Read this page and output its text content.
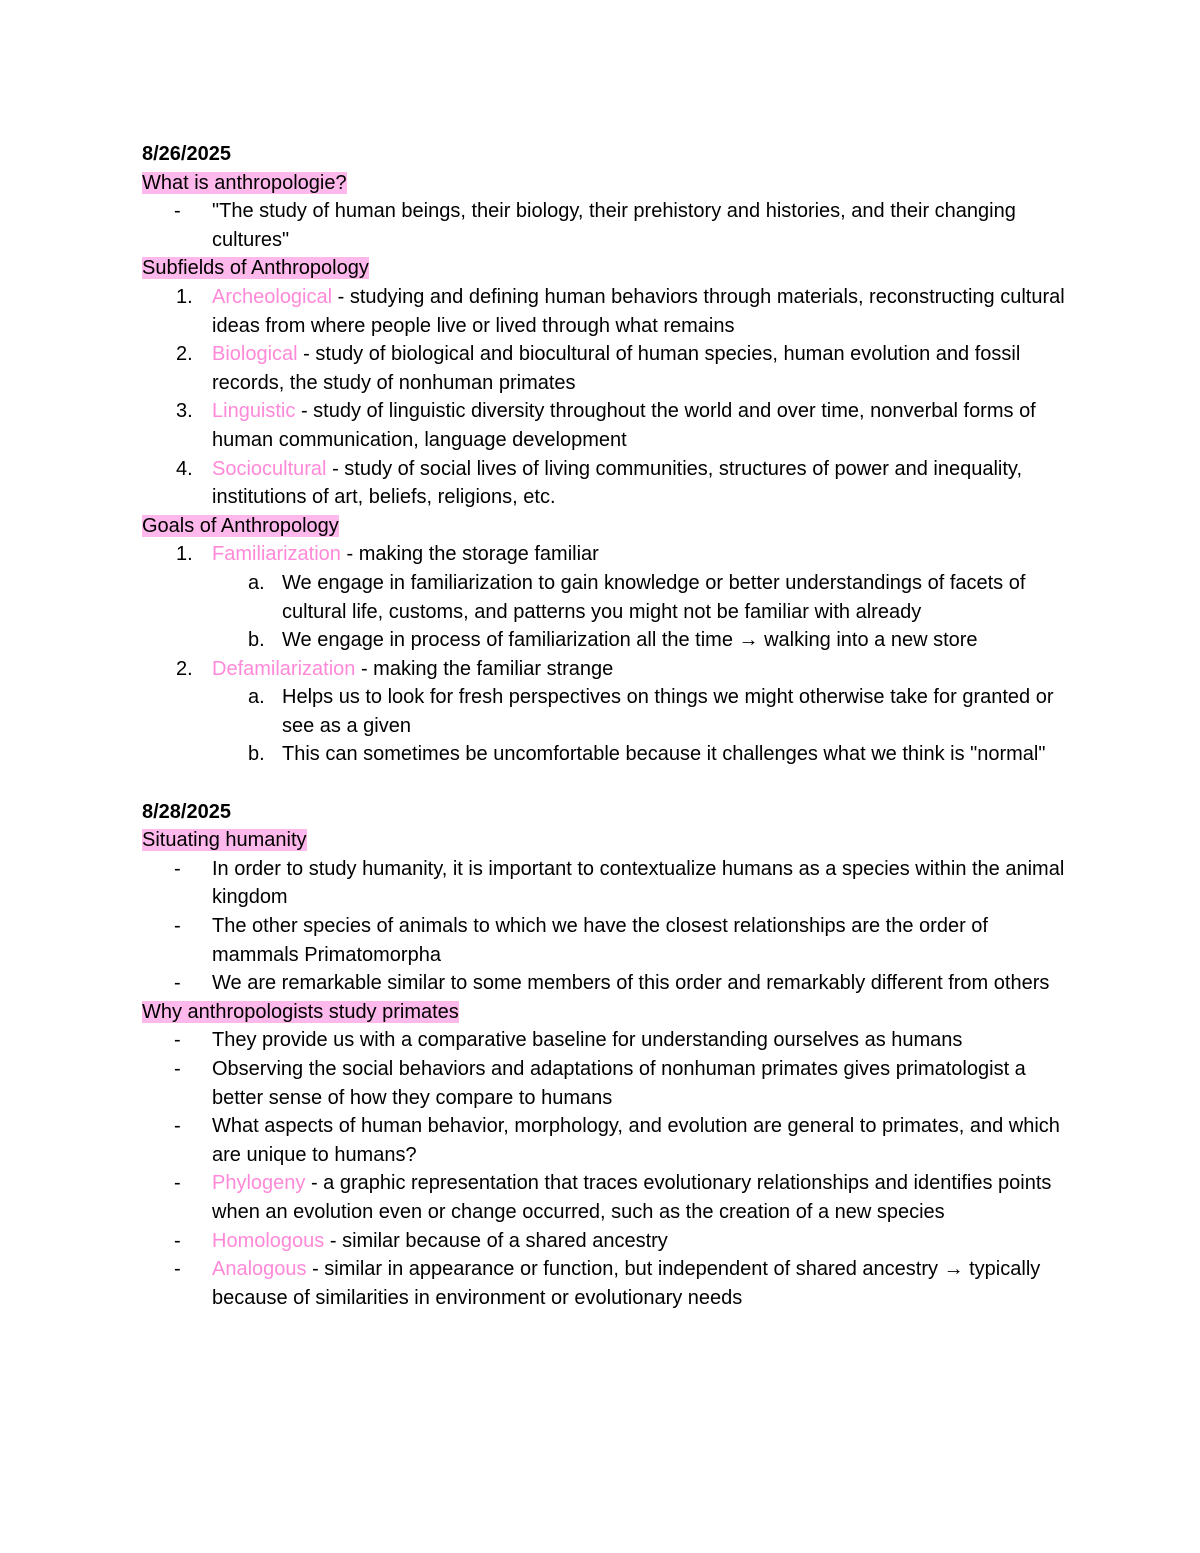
8/26/2025
What is anthropologie?
- "The study of human beings, their biology, their prehistory and histories, and their changing cultures"
Subfields of Anthropology
1. Archeological - studying and defining human behaviors through materials, reconstructing cultural ideas from where people live or lived through what remains
2. Biological - study of biological and biocultural of human species, human evolution and fossil records, the study of nonhuman primates
3. Linguistic - study of linguistic diversity throughout the world and over time, nonverbal forms of human communication, language development
4. Sociocultural - study of social lives of living communities, structures of power and inequality, institutions of art, beliefs, religions, etc.
Goals of Anthropology
1. Familiarization - making the storage familiar
a. We engage in familiarization to gain knowledge or better understandings of facets of cultural life, customs, and patterns you might not be familiar with already
b. We engage in process of familiarization all the time → walking into a new store
2. Defamilarization - making the familiar strange
a. Helps us to look for fresh perspectives on things we might otherwise take for granted or see as a given
b. This can sometimes be uncomfortable because it challenges what we think is "normal"
8/28/2025
Situating humanity
- In order to study humanity, it is important to contextualize humans as a species within the animal kingdom
- The other species of animals to which we have the closest relationships are the order of mammals Primatomorpha
- We are remarkable similar to some members of this order and remarkably different from others
Why anthropologists study primates
- They provide us with a comparative baseline for understanding ourselves as humans
- Observing the social behaviors and adaptations of nonhuman primates gives primatologist a better sense of how they compare to humans
- What aspects of human behavior, morphology, and evolution are general to primates, and which are unique to humans?
- Phylogeny - a graphic representation that traces evolutionary relationships and identifies points when an evolution even or change occurred, such as the creation of a new species
- Homologous - similar because of a shared ancestry
- Analogous - similar in appearance or function, but independent of shared ancestry → typically because of similarities in environment or evolutionary needs
